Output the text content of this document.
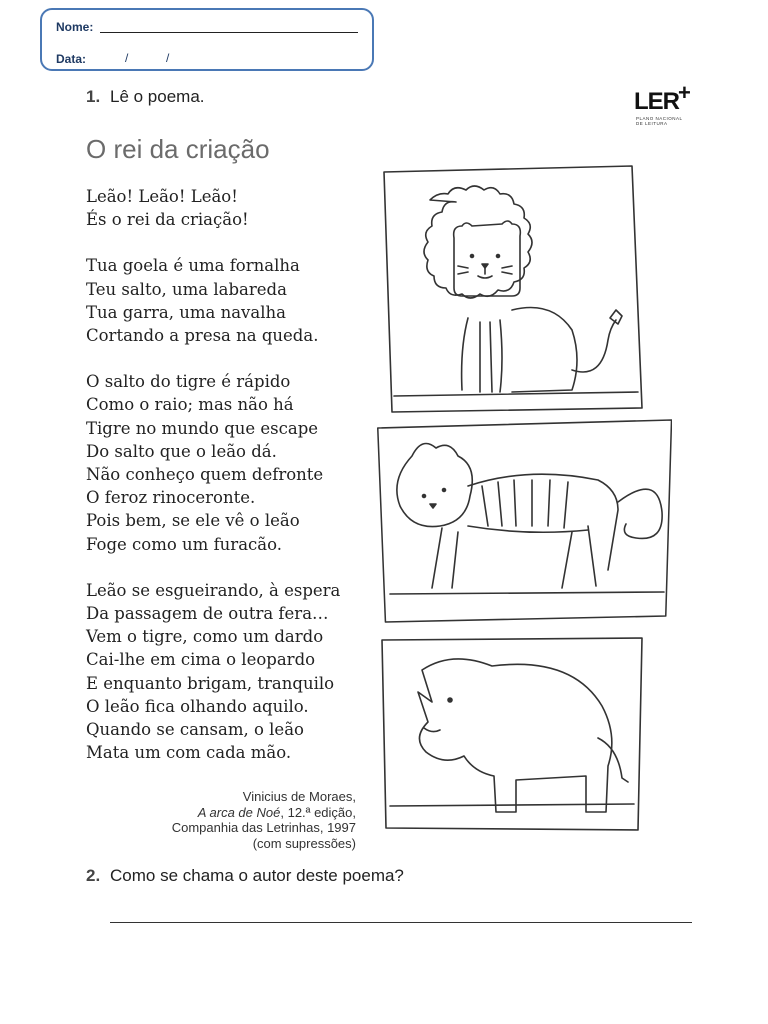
Nome:
Data:	/	/
1. Lê o poema.	LER +
PLANO NACIONAL
DE LEITURA
O rei da criação
Leão! Leão! Leão!
És o rei da criação!
Tua goela é uma fornalha
Teu salto, uma labareda
Tua garra, uma navalha
Cortando a presa na queda.
O salto do tigre é rápido
Como o raio; mas não há
Tigre no mundo que escape
Do salto que o leão dá.
Não conheço quem defronte
O feroz rinoceronte.
Pois bem, se ele vê o leão
Foge como um furacão.
Leão se esgueirando, à espera
Da passagem de outra fera…
Vem o tigre, como um dardo
Cai-lhe em cima o leopardo
E enquanto brigam, tranquilo
O leão fica olhando aquilo.
Quando se cansam, o leão
Mata um com cada mão.
Vinicius de Moraes,
A arca de Noé, 12.ª edição,
Companhia das Letrinhas, 1997
(com supressões)
2. Como se chama o autor deste poema?
